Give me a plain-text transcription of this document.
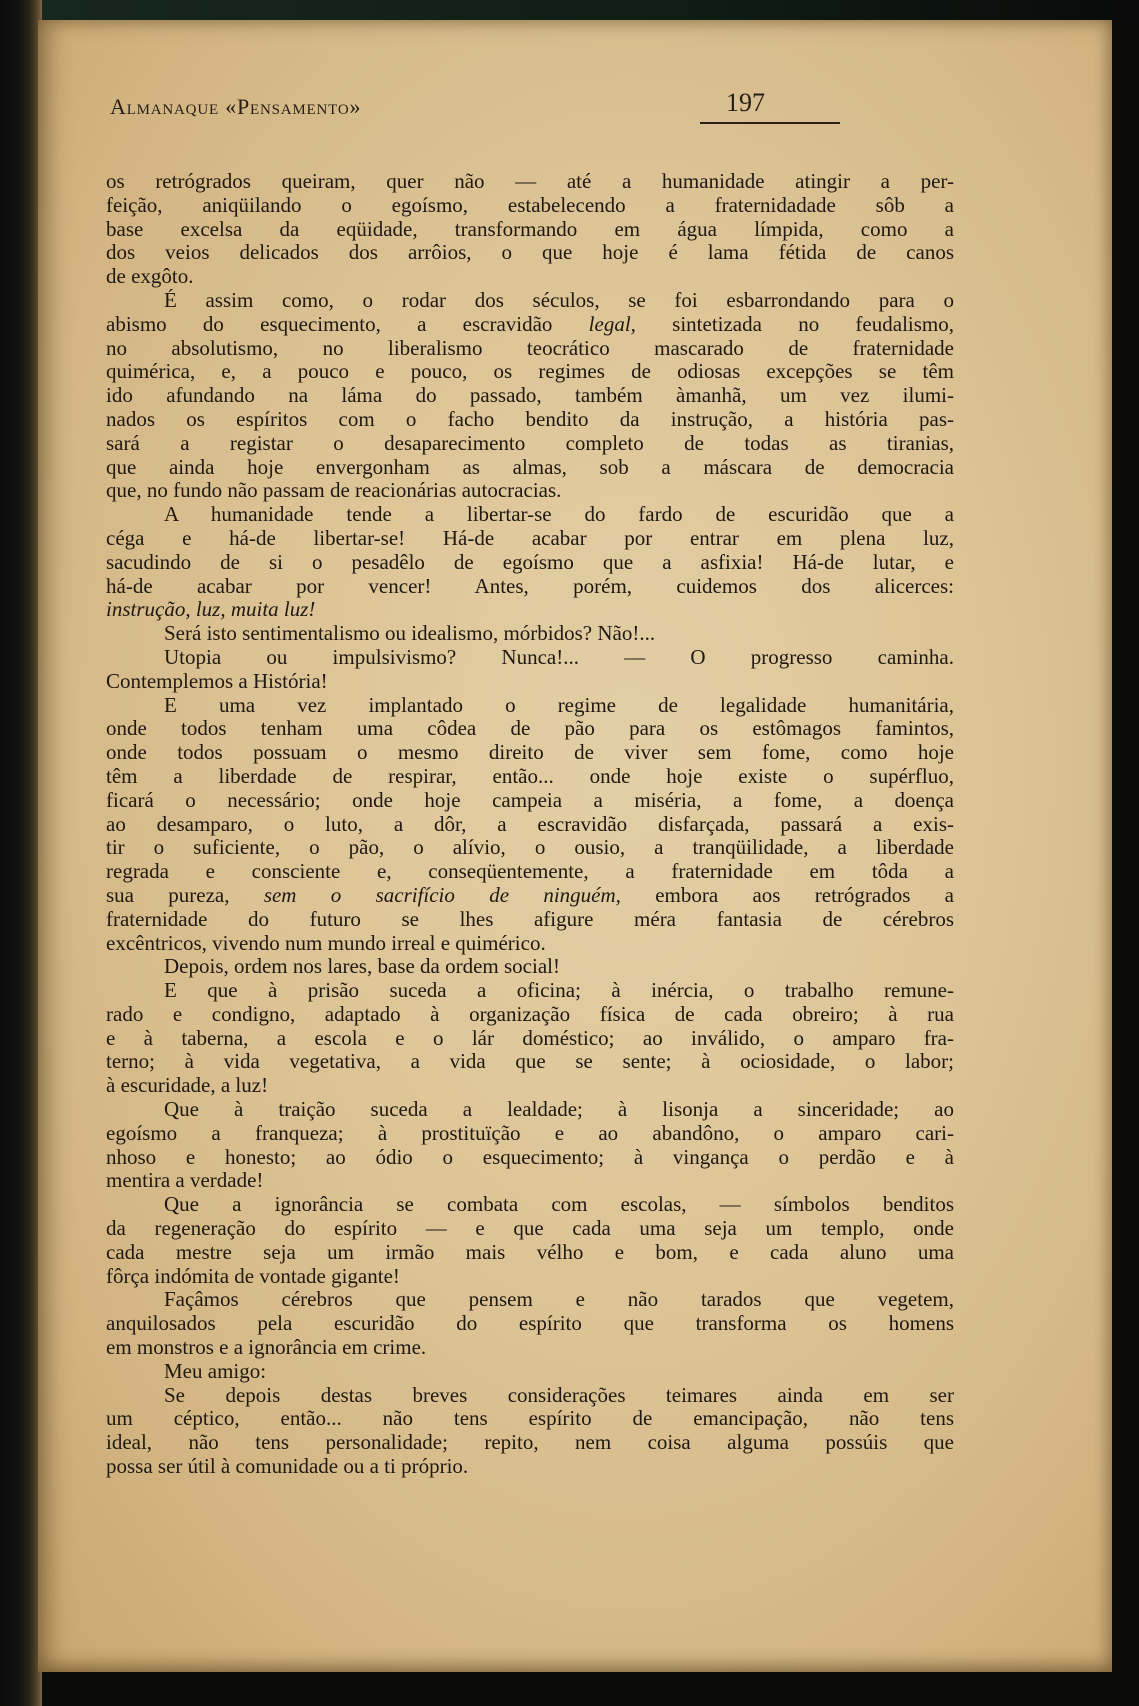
Almanaque «Pensamento»	197
os retrógrados queiram, quer não — até a humanidade atingir a per-
feição, aniqüilando o egoísmo, estabelecendo a fraternidadade sôb a
base excelsa da eqüidade, transformando em água límpida, como a
dos veios delicados dos arrôios, o que hoje é lama fétida de canos
de exgôto.
É assim como, o rodar dos séculos, se foi esbarrondando para o
abismo do esquecimento, a escravidão legal, sintetizada no feudalismo,
no absolutismo, no liberalismo teocrático mascarado de fraternidade
quimérica, e, a pouco e pouco, os regimes de odiosas excepções se têm
ido afundando na láma do passado, também àmanhã, um vez ilumi-
nados os espíritos com o facho bendito da instrução, a história pas-
sará a registar o desaparecimento completo de todas as tiranias,
que ainda hoje envergonham as almas, sob a máscara de democracia
que, no fundo não passam de reacionárias autocracias.
A humanidade tende a libertar-se do fardo de escuridão que a
céga e há-de libertar-se! Há-de acabar por entrar em plena luz,
sacudindo de si o pesadêlo de egoísmo que a asfixia! Há-de lutar, e
há-de acabar por vencer! Antes, porém, cuidemos dos alicerces:
instrução, luz, muita luz!
Será isto sentimentalismo ou idealismo, mórbidos? Não!...
Utopia ou impulsivismo? Nunca!... — O progresso caminha.
Contemplemos a História!
E uma vez implantado o regime de legalidade humanitária,
onde todos tenham uma côdea de pão para os estômagos famintos,
onde todos possuam o mesmo direito de viver sem fome, como hoje
têm a liberdade de respirar, então... onde hoje existe o supérfluo,
ficará o necessário; onde hoje campeia a miséria, a fome, a doença
ao desamparo, o luto, a dôr, a escravidão disfarçada, passará a exis-
tir o suficiente, o pão, o alívio, o ousio, a tranqüilidade, a liberdade
regrada e consciente e, conseqüentemente, a fraternidade em tôda a
sua pureza, sem o sacrifício de ninguém, embora aos retrógrados a
fraternidade do futuro se lhes afigure méra fantasia de cérebros
excêntricos, vivendo num mundo irreal e quimérico.
Depois, ordem nos lares, base da ordem social!
E que à prisão suceda a oficina; à inércia, o trabalho remune-
rado e condigno, adaptado à organização física de cada obreiro; à rua
e à taberna, a escola e o lár doméstico; ao inválido, o amparo fra-
terno; à vida vegetativa, a vida que se sente; à ociosidade, o labor;
à escuridade, a luz!
Que à traição suceda a lealdade; à lisonja a sinceridade; ao
egoísmo a franqueza; à prostituïção e ao abandôno, o amparo cari-
nhoso e honesto; ao ódio o esquecimento; à vingança o perdão e à
mentira a verdade!
Que a ignorância se combata com escolas, — símbolos benditos
da regeneração do espírito — e que cada uma seja um templo, onde
cada mestre seja um irmão mais vélho e bom, e cada aluno uma
fôrça indómita de vontade gigante!
Façâmos cérebros que pensem e não tarados que vegetem,
anquilosados pela escuridão do espírito que transforma os homens
em monstros e a ignorância em crime.
Meu amigo:
Se depois destas breves considerações teimares ainda em ser
um céptico, então... não tens espírito de emancipação, não tens
ideal, não tens personalidade; repito, nem coisa alguma possúis que
possa ser útil à comunidade ou a ti próprio.
